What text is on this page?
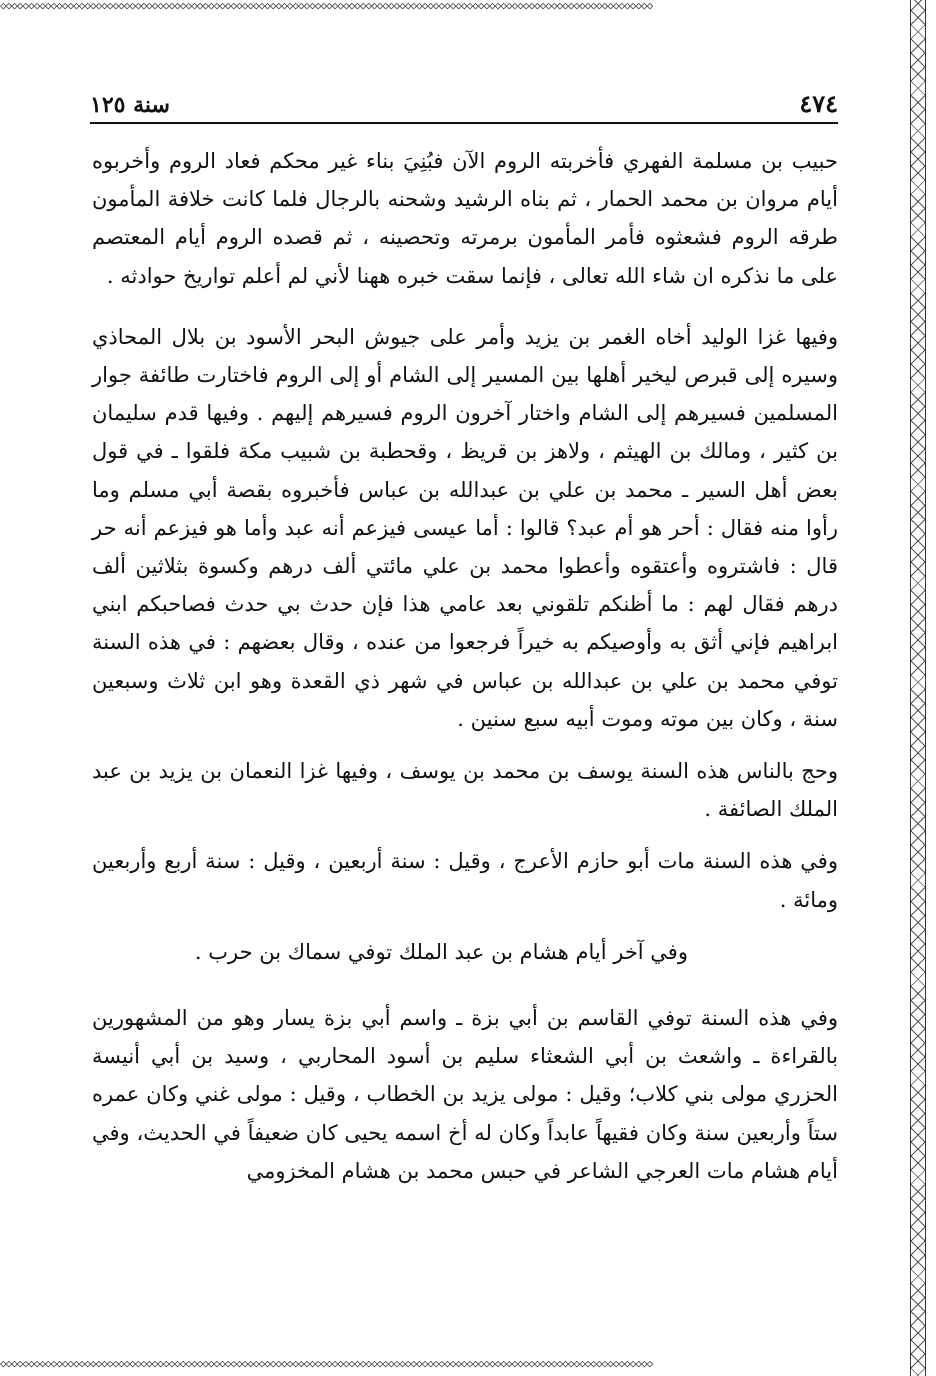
◇◇◇◇◇◇◇◇◇◇◇◇◇◇◇◇◇◇◇◇◇◇◇◇◇◇◇◇◇◇◇◇◇◇◇◇◇◇◇◇◇◇◇◇◇◇◇◇◇◇◇◇◇◇◇◇◇◇◇◇◇◇◇◇◇◇◇◇◇◇◇◇◇◇◇◇◇◇◇◇◇◇◇◇◇◇◇◇◇◇◇◇◇◇◇◇◇◇◇◇◇◇◇◇◇◇◇◇◇◇◇◇◇◇◇◇
◇◇◇◇◇◇◇◇◇◇◇◇◇◇◇◇◇◇◇◇◇◇◇◇◇◇◇◇◇◇◇◇◇◇◇◇◇◇◇◇◇◇◇◇◇◇◇◇◇◇◇◇◇◇◇◇◇◇◇◇◇◇◇◇◇◇◇◇◇◇◇◇◇◇◇◇◇◇◇◇◇◇◇◇◇◇◇◇◇◇◇◇◇◇◇◇◇◇◇◇◇◇◇◇◇◇◇◇◇◇◇◇◇◇◇◇
٤٧٤
سنة ١٢٥

حبيب بن مسلمة الفهري فأخربته الروم الآن فبُنِيَ بناء غير محكم فعاد الروم وأخربوه أيام مروان بن محمد الحمار ، ثم بناه الرشيد وشحنه بالرجال فلما كانت خلافة المأمون طرقه الروم فشعثوه فأمر المأمون برمرته وتحصينه ، ثم قصده الروم أيام المعتصم على ما نذكره ان شاء الله تعالى ، فإنما سقت خبره ههنا لأني لم أعلم تواريخ حوادثه .

وفيها غزا الوليد أخاه الغمر بن يزيد وأمر على جيوش البحر الأسود بن بلال المحاذي وسيره إلى قبرص ليخير أهلها بين المسير إلى الشام أو إلى الروم فاختارت طائفة جوار المسلمين فسيرهم إلى الشام واختار آخرون الروم فسيرهم إليهم . وفيها قدم سليمان بن كثير ، ومالك بن الهيثم ، ولاهز بن قريظ ، وقحطبة بن شبيب مكة فلقوا ـ في قول بعض أهل السير ـ محمد بن علي بن عبدالله بن عباس فأخبروه بقصة أبي مسلم وما رأوا منه فقال : أحر هو أم عبد؟ قالوا : أما عيسى فيزعم أنه عبد وأما هو فيزعم أنه حر قال : فاشتروه وأعتقوه وأعطوا محمد بن علي مائتي ألف درهم وكسوة بثلاثين ألف درهم فقال لهم : ما أظنكم تلقوني بعد عامي هذا فإن حدث بي حدث فصاحبكم ابني ابراهيم فإني أثق به وأوصيكم به خيراً فرجعوا من عنده ، وقال بعضهم : في هذه السنة توفي محمد بن علي بن عبدالله بن عباس في شهر ذي القعدة وهو ابن ثلاث وسبعين سنة ، وكان بين موته وموت أبيه سبع سنين .

وحج بالناس هذه السنة يوسف بن محمد بن يوسف ، وفيها غزا النعمان بن يزيد بن عبد الملك الصائفة .

وفي هذه السنة مات أبو حازم الأعرج ، وقيل : سنة أربعين ، وقيل : سنة أربع وأربعين ومائة .

وفي آخر أيام هشام بن عبد الملك توفي سماك بن حرب .

وفي هذه السنة توفي القاسم بن أبي بزة ـ واسم أبي بزة يسار وهو من المشهورين بالقراءة ـ واشعث بن أبي الشعثاء سليم بن أسود المحاربي ، وسيد بن أبي أنيسة الحزري مولى بني كلاب؛ وقيل : مولى يزيد بن الخطاب ، وقيل : مولى غني وكان عمره ستاً وأربعين سنة وكان فقيهاً عابداً وكان له أخ اسمه يحيى كان ضعيفاً في الحديث، وفي أيام هشام مات العرجي الشاعر في حبس محمد بن هشام المخزومي
